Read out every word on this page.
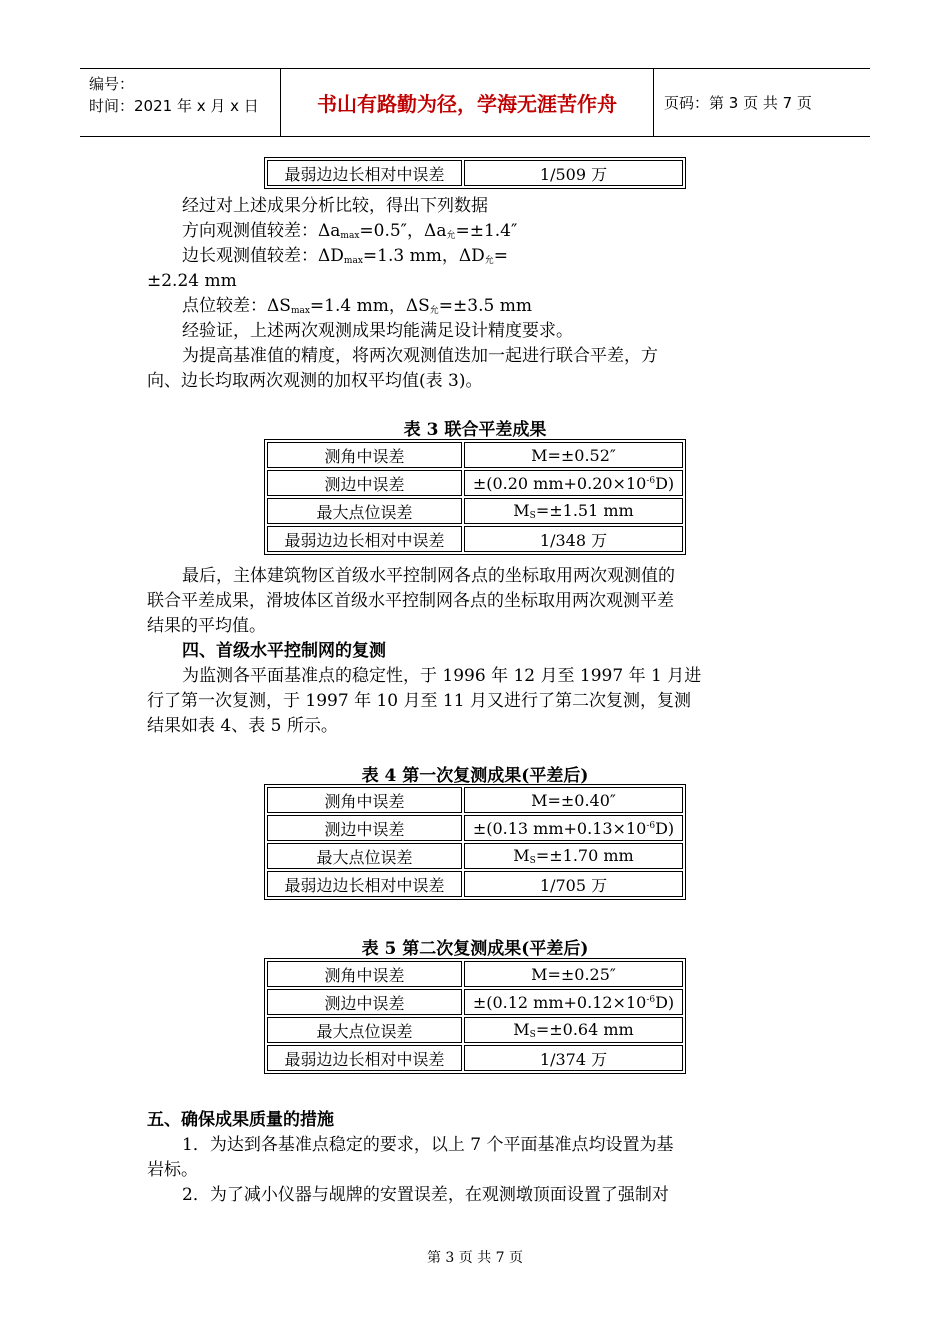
编号：
时间：2021 年 x 月 x 日	书山有路勤为径，学海无涯苦作舟	页码：第 3 页 共 7 页
最弱边边长相对中误差	1/509 万
经过对上述成果分析比较，得出下列数据
方向观测值较差：$\Delta a_{max}=0.5''$，$\Delta a_允=\pm 1.4''$
边长观测值较差：$\Delta D_{max}=1.3$ mm，$\Delta D_允=$
±2.24 mm
点位较差：$\Delta S_{max}=1.4$ mm，$\Delta S_允=\pm 3.5$ mm
经验证，上述两次观测成果均能满足设计精度要求。
为提高基准值的精度，将两次观测值迭加一起进行联合平差，方
向、边长均取两次观测的加权平均值(表 3)。
表 3 联合平差成果
测角中误差	M=±0.52″
测边中误差	±(0.20 $mm+0.20\times 10^{-6}D$)
最大点位误差	$M_S=\pm 1.51$ mm
最弱边边长相对中误差	1/348 万
最后，主体建筑物区首级水平控制网各点的坐标取用两次观测值的
联合平差成果，滑坡体区首级水平控制网各点的坐标取用两次观测平差
结果的平均值。
四、首级水平控制网的复测
为监测各平面基准点的稳定性，于 1996 年 12 月至 1997 年 1 月进
行了第一次复测，于 1997 年 10 月至 11 月又进行了第二次复测，复测
结果如表 4、表 5 所示。
表 4 第一次复测成果(平差后)
测角中误差	M=±0.40″
测边中误差	±(0.13 $mm+0.13\times 10^{-6}D$)
最大点位误差	$M_S=\pm 1.70$ mm
最弱边边长相对中误差	1/705 万
表 5 第二次复测成果(平差后)
测角中误差	M=±0.25″
测边中误差	±(0.12 $mm+0.12\times 10^{-6}D$)
最大点位误差	$M_S=\pm 0.64$ mm
最弱边边长相对中误差	1/374 万
五、确保成果质量的措施
1．为达到各基准点稳定的要求，以上 7 个平面基准点均设置为基
岩标。
2．为了减小仪器与觇牌的安置误差，在观测墩顶面设置了强制对
第 3 页 共 7 页
